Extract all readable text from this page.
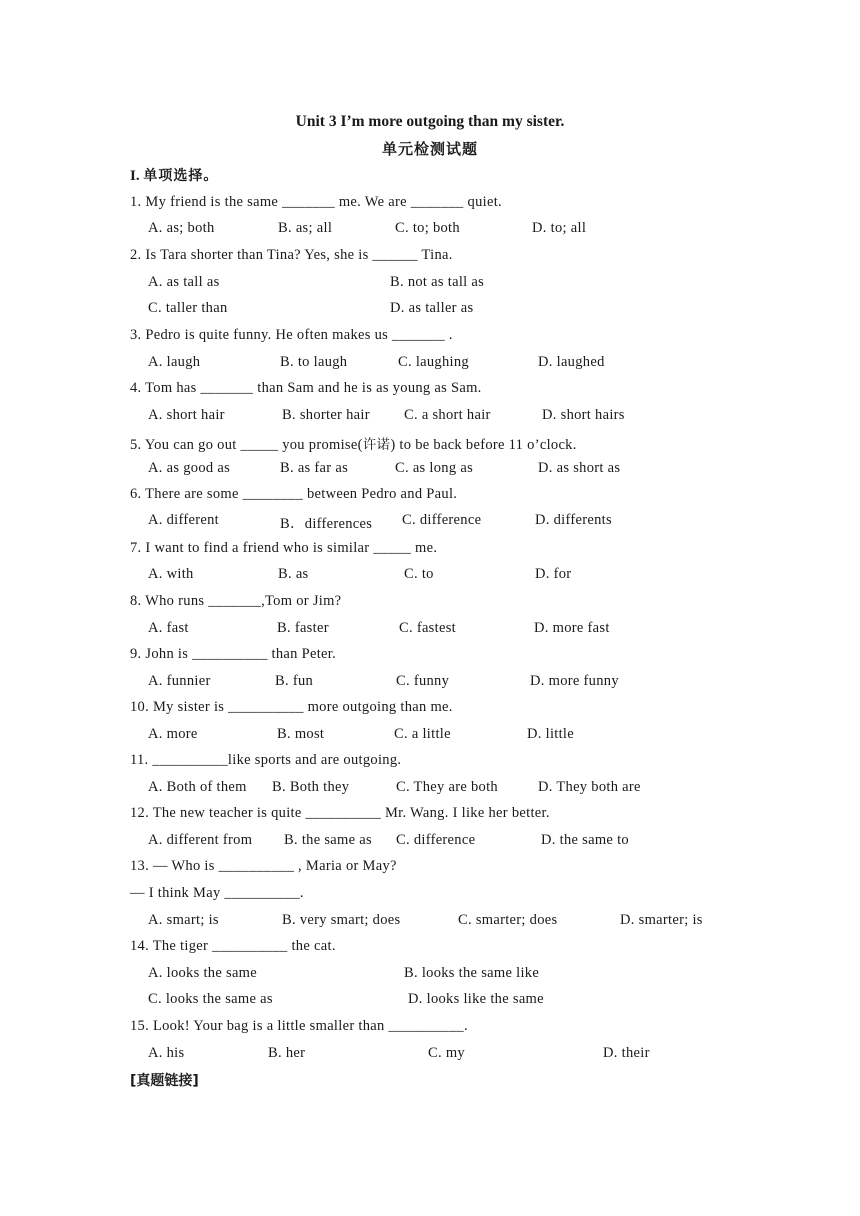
Unit 3 I’m more outgoing than my sister.
单元检测试题
I. 单项选择。
1. My friend is the same _______ me. We are _______ quiet.
A. as; both	B. as; all	C. to; both	D. to; all
2. Is Tara shorter than Tina? Yes, she is ______ Tina.
A. as tall as	B. not as tall as
C. taller than	D. as taller as
3. Pedro is quite funny. He often makes us _______ .
A. laugh	B. to laugh	C. laughing	D. laughed
4. Tom has _______ than Sam and he is as young as Sam.
A. short hair	B. shorter hair C. a short hair	D. short hairs
5. You can go out _____ you promise(许诺) to be back before 11 o’clock.
A. as good as	B. as far as	C. as long as	D. as short as
6. There are some ________ between Pedro and Paul.
A. different	B．differences C. difference	D. differents
7. I want to find a friend who is similar _____ me.
A. with	B. as	C. to	D. for
8. Who runs _______,Tom or Jim?
A. fast	B. faster	C. fastest	D. more fast
9. John is __________ than Peter.
A. funnier	B. fun	C. funny	D. more funny
10. My sister is __________ more outgoing than me.
A. more	B. most	C. a little	D. little
11. __________like sports and are outgoing.
A. Both of them B. Both they	C. They are both	D. They both are
12. The new teacher is quite __________ Mr. Wang. I like her better.
A. different from B. the same as C. difference	D. the same to
13. — Who is __________ , Maria or May?
— I think May __________.
A. smart; is	B. very smart; does	C. smarter; does	D. smarter; is
14. The tiger __________ the cat.
A. looks the same	B. looks the same like
C. looks the same as	D. looks like the same
15. Look! Your bag is a little smaller than __________.
A. his	B. her	C. my	D. their
[真题链接]
